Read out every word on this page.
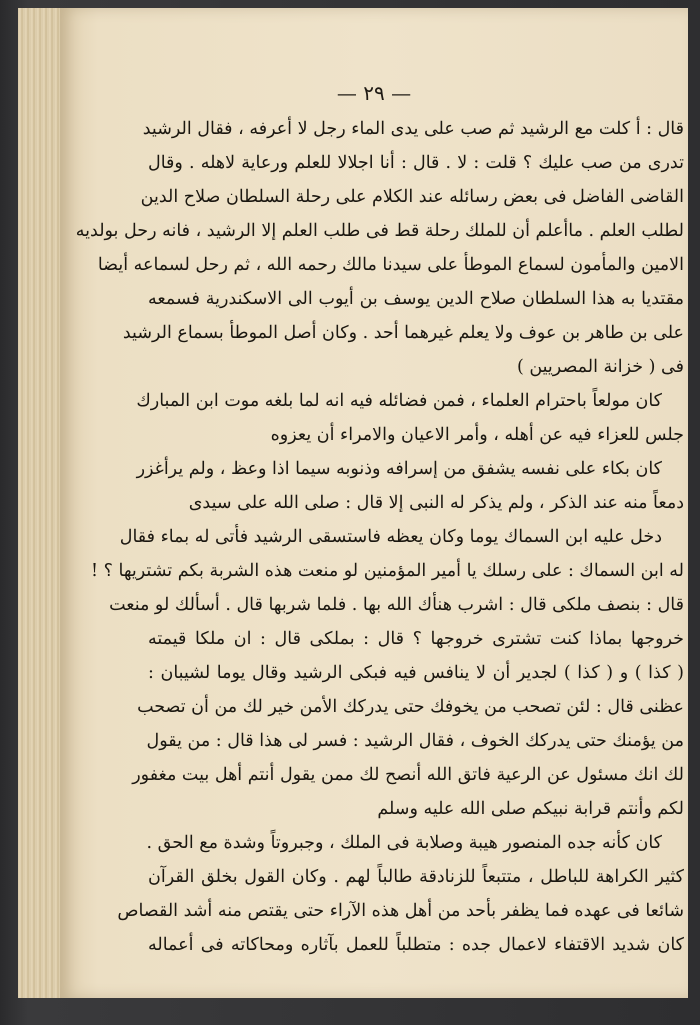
— ٢٩ —
قال : أ كلت مع الرشيد ثم صب على يدى الماء رجل لا أعرفه ، فقال الرشيد
تدرى من صب عليك ؟ قلت : لا . قال : أنا اجلالا للعلم ورعاية لاهله . وقال
القاضى الفاضل فى بعض رسائله عند الكلام على رحلة السلطان صلاح الدين
لطلب العلم . ماأعلم أن للملك رحلة قط فى طلب العلم إلا الرشيد ، فانه رحل بولديه
الامين والمأمون لسماع الموطأ على سيدنا مالك رحمه الله ، ثم رحل لسماعه أيضا
مقتديا به هذا السلطان صلاح الدين يوسف بن أيوب الى الاسكندرية فسمعه
على بن طاهر بن عوف ولا يعلم غيرهما أحد . وكان أصل الموطأ بسماع الرشيد
فى ( خزانة المصريين )
كان مولعاً باحترام العلماء ، فمن فضائله فيه انه لما بلغه موت ابن المبارك
جلس للعزاء فيه عن أهله ، وأمر الاعيان والامراء أن يعزوه
كان بكاء على نفسه يشفق من إسرافه وذنوبه سيما اذا وعظ ، ولم يرأغزر
دمعاً منه عند الذكر ، ولم يذكر له النبى إلا قال : صلى الله على سيدى
دخل عليه ابن السماك يوما وكان يعظه فاستسقى الرشيد فأتى له بماء فقال
له ابن السماك : على رسلك يا أمير المؤمنين لو منعت هذه الشربة بكم تشتريها ؟ !
قال : بنصف ملكى قال : اشرب هنأك الله بها . فلما شربها قال . أسألك لو منعت
خروجها بماذا كنت تشترى خروجها ؟ قال : بملكى قال : ان ملكا قيمته
( كذا ) و ( كذا ) لجدير أن لا ينافس فيه فبكى الرشيد وقال يوما لشيبان :
عظنى قال : لئن تصحب من يخوفك حتى يدركك الأمن خير لك من أن تصحب
من يؤمنك حتى يدركك الخوف ، فقال الرشيد : فسر لى هذا قال : من يقول
لك انك مسئول عن الرعية فاتق الله أنصح لك ممن يقول أنتم أهل بيت مغفور
لكم وأنتم قرابة نبيكم صلى الله عليه وسلم
كان كأنه جده المنصور هيبة وصلابة فى الملك ، وجبروتاً وشدة مع الحق .
كثير الكراهة للباطل ، متتبعاً للزنادقة طالباً لهم . وكان القول بخلق القرآن
شائعا فى عهده فما يظفر بأحد من أهل هذه الآراء حتى يقتص منه أشد القصاص
كان شديد الاقتفاء لاعمال جده : متطلباً للعمل بآثاره ومحاكاته فى أعماله
